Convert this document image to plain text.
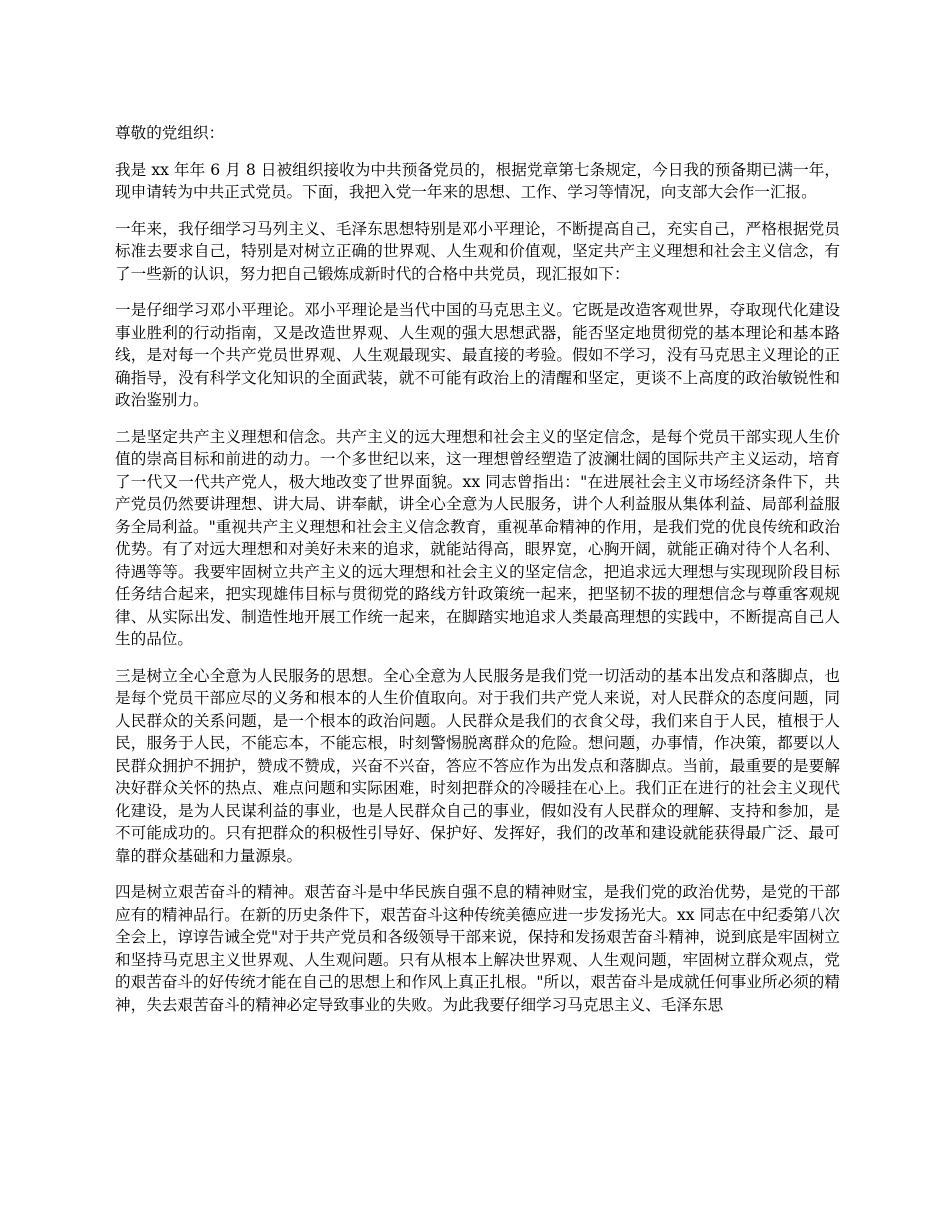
尊敬的党组织：

我是 xx 年年 6 月 8 日被组织接收为中共预备党员的，根据党章第七条规定，今日我的预备期已满一年，现申请转为中共正式党员。下面，我把入党一年来的思想、工作、学习等情况，向支部大会作一汇报。

一年来，我仔细学习马列主义、毛泽东思想特别是邓小平理论，不断提高自己，充实自己，严格根据党员标准去要求自己，特别是对树立正确的世界观、人生观和价值观，坚定共产主义理想和社会主义信念，有了一些新的认识，努力把自己锻炼成新时代的合格中共党员，现汇报如下：

一是仔细学习邓小平理论。邓小平理论是当代中国的马克思主义。它既是改造客观世界，夺取现代化建设事业胜利的行动指南，又是改造世界观、人生观的强大思想武器，能否坚定地贯彻党的基本理论和基本路线，是对每一个共产党员世界观、人生观最现实、最直接的考验。假如不学习，没有马克思主义理论的正确指导，没有科学文化知识的全面武装，就不可能有政治上的清醒和坚定，更谈不上高度的政治敏锐性和政治鉴别力。

二是坚定共产主义理想和信念。共产主义的远大理想和社会主义的坚定信念，是每个党员干部实现人生价值的崇高目标和前进的动力。一个多世纪以来，这一理想曾经塑造了波澜壮阔的国际共产主义运动，培育了一代又一代共产党人，极大地改变了世界面貌。xx 同志曾指出："在进展社会主义市场经济条件下，共产党员仍然要讲理想、讲大局、讲奉献，讲全心全意为人民服务，讲个人利益服从集体利益、局部利益服务全局利益。"重视共产主义理想和社会主义信念教育，重视革命精神的作用，是我们党的优良传统和政治优势。有了对远大理想和对美好未来的追求，就能站得高，眼界宽，心胸开阔，就能正确对待个人名利、待遇等等。我要牢固树立共产主义的远大理想和社会主义的坚定信念，把追求远大理想与实现现阶段目标任务结合起来，把实现雄伟目标与贯彻党的路线方针政策统一起来，把坚韧不拔的理想信念与尊重客观规律、从实际出发、制造性地开展工作统一起来，在脚踏实地追求人类最高理想的实践中，不断提高自己人生的品位。

三是树立全心全意为人民服务的思想。全心全意为人民服务是我们党一切活动的基本出发点和落脚点，也是每个党员干部应尽的义务和根本的人生价值取向。对于我们共产党人来说，对人民群众的态度问题，同人民群众的关系问题，是一个根本的政治问题。人民群众是我们的衣食父母，我们来自于人民，植根于人民，服务于人民，不能忘本，不能忘根，时刻警惕脱离群众的危险。想问题，办事情，作决策，都要以人民群众拥护不拥护，赞成不赞成，兴奋不兴奋，答应不答应作为出发点和落脚点。当前，最重要的是要解决好群众关怀的热点、难点问题和实际困难，时刻把群众的冷暖挂在心上。我们正在进行的社会主义现代化建设，是为人民谋利益的事业，也是人民群众自己的事业，假如没有人民群众的理解、支持和参加，是不可能成功的。只有把群众的积极性引导好、保护好、发挥好，我们的改革和建设就能获得最广泛、最可靠的群众基础和力量源泉。

四是树立艰苦奋斗的精神。艰苦奋斗是中华民族自强不息的精神财宝，是我们党的政治优势，是党的干部应有的精神品行。在新的历史条件下，艰苦奋斗这种传统美德应进一步发扬光大。xx 同志在中纪委第八次全会上，谆谆告诫全党"对于共产党员和各级领导干部来说，保持和发扬艰苦奋斗精神，说到底是牢固树立和坚持马克思主义世界观、人生观问题。只有从根本上解决世界观、人生观问题，牢固树立群众观点，党的艰苦奋斗的好传统才能在自己的思想上和作风上真正扎根。"所以，艰苦奋斗是成就任何事业所必须的精神，失去艰苦奋斗的精神必定导致事业的失败。为此我要仔细学习马克思主义、毛泽东思
